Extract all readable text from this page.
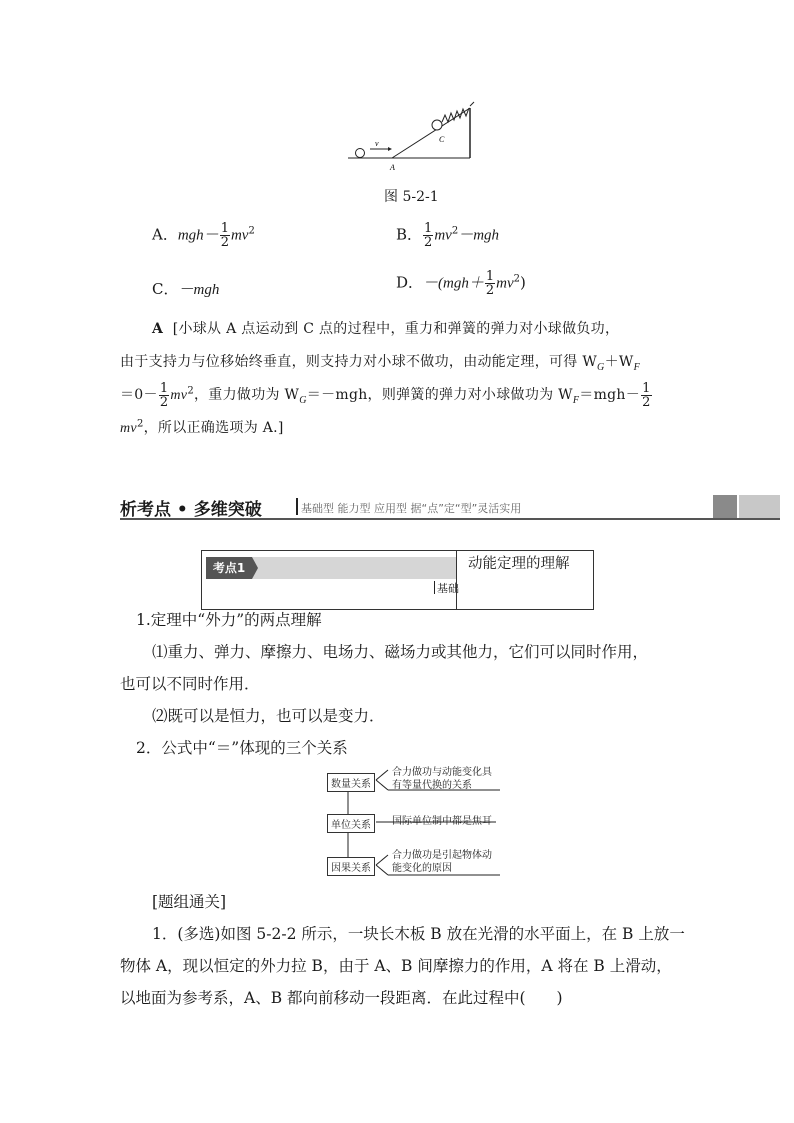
v
A
C
图 5-2-1
A．$mgh- \frac{1}{2} mv^2$	B． $\frac{1}{2} mv^2-mgh$
C．－mgh	D．$-(mgh+ \frac{1}{2} mv^2)$
A [小球从 A 点运动到 C 点的过程中，重力和弹簧的弹力对小球做负功，
由于支持力与位移始终垂直，则支持力对小球不做功，由动能定理，可得 $W_G+W_F$
$=0- \frac{1}{2} mv^2$，重力做功为 $W_G=-mgh$，则弹簧的弹力对小球做功为 $W_F=mgh- \frac{1}{2}$
$mv^2$，所以正确选项为 A.]
析考点 • 多维突破	基础型 能力型 应用型 据“点”定“型”灵活实用
考点1
基础
动能定理的理解
1.定理中“外力”的两点理解
⑴重力、弹力、摩擦力、电场力、磁场力或其他力，它们可以同时作用，
也可以不同时作用．
⑵既可以是恒力，也可以是变力．
2．公式中“＝”体现的三个关系
数量关系
合力做功与动能变化具
有等量代换的关系
单位关系	国际单位制中都是焦耳
因果关系
合力做功是引起物体动
能变化的原因
[题组通关]
1．(多选)如图 5-2-2 所示，一块长木板 B 放在光滑的水平面上，在 B 上放一
物体 A，现以恒定的外力拉 B，由于 A、B 间摩擦力的作用，A 将在 B 上滑动，
以地面为参考系，A、B 都向前移动一段距离．在此过程中(　　)
